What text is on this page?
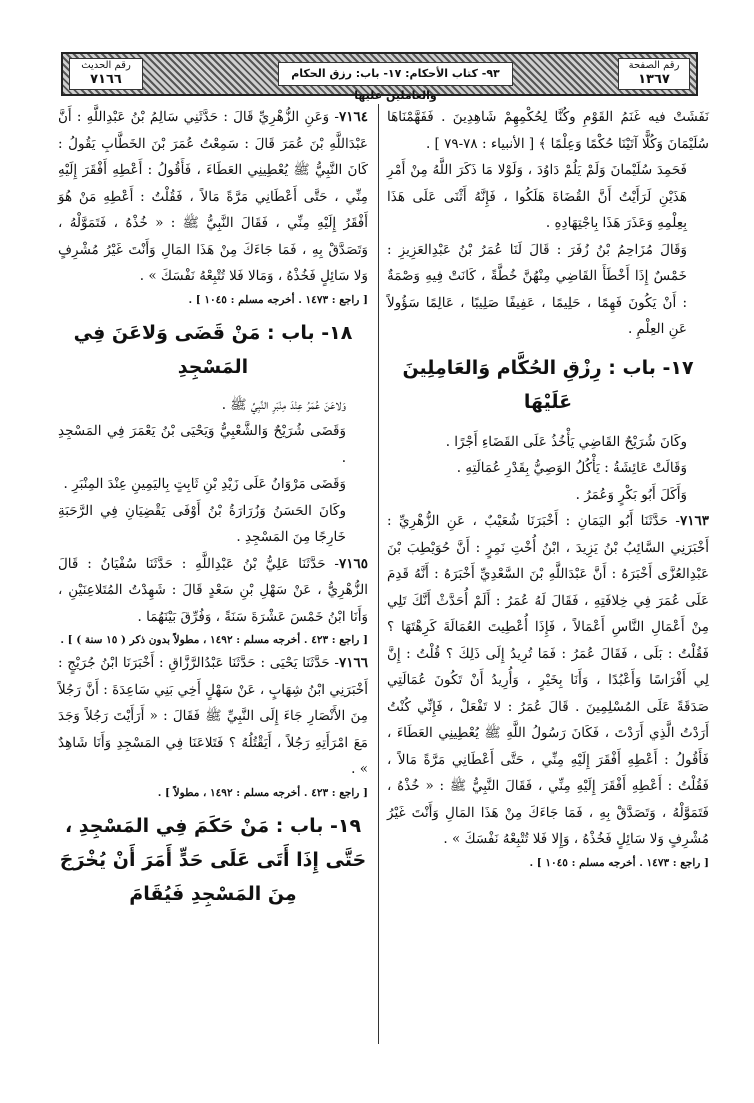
رقم الحديث
٧١٦٦	٩٣- كتاب الأحكام: ١٧- باب: رزق الحكام والعاملين عليها
رقم الصفحة
١٣٦٧

نَفَشَتْ فيه غَنَمُ القَوْمِ وكُنَّا لِحُكْمِهِمْ شَاهِدِينَ . فَفَهَّمْنَاهَا سُلَيْمَانَ وَكُلًّا آتَيْنَا حُكْمًا وَعِلْمًا ﴾ [ الأنبياء : ٧٨-٧٩ ] .

فَحَمِدَ سُلَيْمانَ وَلَمْ يَلُمْ دَاوُدَ ، وَلَوْلا مَا ذَكَرَ اللَّهُ مِنْ أَمْرِ هَذَيْنِ لَرَأَيْتُ أَنَّ القُضَاةَ هَلَكُوا ، فَإِنَّهُ أَثْنَى عَلَى هَذَا بِعِلْمِهِ وَعَذَرَ هَذَا بِاجْتِهَادِهِ .

وَقَالَ مُزَاحِمُ بْنُ زُفَرَ : قَالَ لَنَا عُمَرُ بْنُ عَبْدِالعَزِيزِ : خَمْسٌ إِذَا أَخْطَأَ القَاضِي مِنْهُنَّ خُطَّةً ، كَانَتْ فِيهِ وَصْمَةٌ : أَنْ يَكُونَ فَهِمًا ، حَلِيمًا ، عَفِيفًا صَلِيبًا ، عَالِمًا سَؤُولاً عَنِ العِلْمِ .

١٧- باب : رِزْقِ الحُكَّام وَالعَامِلِينَ عَلَيْهَا

وكَانَ شُرَيْحٌ القَاضِي يَأْخُذُ عَلَى القَضَاءِ أَجْرًا .

وَقَالَتْ عَائِشَةُ : يَأْكُلُ الوَصِيُّ بِقَدْرِ عُمَالَتِهِ .

وَأَكَلَ أَبُو بَكْرٍ وَعُمَرُ .

٧١٦٣- حَدَّثَنَا أَبُو اليَمَانِ : أَخْبَرَنَا شُعَيْبٌ ، عَنِ الزُّهْرِيِّ : أَخْبَرَنِي السَّائِبُ بْنُ يَزِيدَ ، ابْنُ أُخْتِ نَمِرٍ : أَنَّ حُوَيْطِبَ بْنَ عَبْدِالعُزَّى أَخْبَرَهُ : أَنَّ عَبْدَاللَّهِ بْنَ السَّعْدِيِّ أَخْبَرَهُ : أَنَّهُ قَدِمَ عَلَى عُمَرَ فِي خِلافَتِهِ ، فَقَالَ لَهُ عُمَرُ : أَلَمْ أُحَدَّثْ أَنَّكَ تَلِي مِنْ أَعْمَالِ النَّاسِ أَعْمَالاً ، فَإِذَا أُعْطِيتَ العُمَالَةَ كَرِهْتَهَا ؟ فَقُلْتُ : بَلَى ، فَقَالَ عُمَرُ : فَمَا تُرِيدُ إِلَى ذَلِكَ ؟ قُلْتُ : إِنَّ لِي أَفْرَاسًا وَأَعْبُدًا ، وَأَنَا بِخَيْرٍ ، وَأُرِيدُ أَنْ تَكُونَ عُمَالَتِي صَدَقَةً عَلَى المُسْلِمِينَ . قَالَ عُمَرُ : لا تَفْعَلْ ، فَإِنِّي كُنْتُ أَرَدْتُ الَّذِي أَرَدْتَ ، فَكَانَ رَسُولُ اللَّهِ ﷺ يُعْطِينِي العَطَاءَ ، فَأَقُولُ : أَعْطِهِ أَفْقَرَ إِلَيْهِ مِنِّي ، حَتَّى أَعْطَانِي مَرَّةً مَالاً ، فَقُلْتُ : أَعْطِهِ أَفْقَرَ إِلَيْهِ مِنِّي ، فَقَالَ النَّبِيُّ ﷺ : « خُذْهُ ، فَتَمَوَّلْهُ ، وَتَصَدَّقْ بِهِ ، فَمَا جَاءَكَ مِنْ هَذَا المَالِ وَأَنْتَ غَيْرُ مُشْرِفٍ وَلا سَائِلٍ فَخُذْهُ ، وَإِلا فَلا تُتْبِعْهُ نَفْسَكَ » .

[ راجع : ١٤٧٣ . أخرجه مسلم : ١٠٤٥ ] .

٧١٦٤- وَعَنِ الزُّهْرِيِّ قَالَ : حَدَّثَنِي سَالِمُ بْنُ عَبْدِاللَّهِ : أَنَّ عَبْدَاللَّهِ بْنَ عُمَرَ قَالَ : سَمِعْتُ عُمَرَ بْنَ الخَطَّابِ يَقُولُ : كَانَ النَّبِيُّ ﷺ يُعْطِينِي العَطَاءَ ، فَأَقُولُ : أَعْطِهِ أَفْقَرَ إِلَيْهِ مِنِّي ، حَتَّى أَعْطَانِي مَرَّةً مَالاً ، فَقُلْتُ : أَعْطِهِ مَنْ هُوَ أَفْقَرُ إِلَيْهِ مِنِّي ، فَقَالَ النَّبِيُّ ﷺ : « خُذْهُ ، فَتَمَوَّلْهُ ، وَتَصَدَّقْ بِهِ ، فَمَا جَاءَكَ مِنْ هَذَا المَالِ وَأَنْتَ غَيْرُ مُشْرِفٍ وَلا سَائِلٍ فَخُذْهُ ، وَمَالا فَلا تُتْبِعْهُ نَفْسَكَ » .

[ راجع : ١٤٧٣ . أخرجه مسلم : ١٠٤٥ ] .

١٨- باب : مَنْ قَضَى وَلاعَنَ فِي المَسْجِدِ

وَلاعَنَ عُمَرُ عِنْدَ مِنْبَرِ النَّبِيِّ ﷺ .

وَقَضَى شُرَيْحٌ وَالشَّعْبِيُّ وَيَحْيَى بْنُ يَعْمَرَ فِي المَسْجِدِ .

وَقَضَى مَرْوَانُ عَلَى زَيْدِ بْنِ ثَابِتٍ بِاليَمِينِ عِنْدَ المِنْبَرِ .

وكَانَ الحَسَنُ وَزُرَارَةُ بْنُ أَوْفَى يَقْضِيَانِ فِي الرَّحَبَةِ خَارِجًا مِنَ المَسْجِدِ .

٧١٦٥- حَدَّثَنَا عَلِيُّ بْنُ عَبْدِاللَّهِ : حَدَّثَنَا سُفْيَانُ : قَالَ الزُّهْرِيُّ ، عَنْ سَهْلِ بْنِ سَعْدٍ قَالَ : شَهِدْتُ المُتَلاعِنَيْنِ ، وَأَنَا ابْنُ خَمْسَ عَشْرَةَ سَنَةً ، وَفُرِّقَ بَيْنَهُمَا .

[ راجع : ٤٢٣ . أخرجه مسلم : ١٤٩٢ ، مطولاً بدون ذكر ( ١٥ سنة ) ] .

٧١٦٦- حَدَّثَنَا يَحْيَى : حَدَّثَنَا عَبْدُالرَّزَّاقِ : أَخْبَرَنَا ابْنُ جُرَيْجٍ : أَخْبَرَنِي ابْنُ شِهَابٍ ، عَنْ سَهْلٍ أَخِي بَنِي سَاعِدَةَ : أَنَّ رَجُلاً مِنَ الأَنْصَارِ جَاءَ إِلَى النَّبِيِّ ﷺ فَقَالَ : « أَرَأَيْتَ رَجُلاً وَجَدَ مَعَ امْرَأَتِهِ رَجُلاً ، أَيَقْتُلُهُ ؟ فَتَلاعَنَا فِي المَسْجِدِ وَأَنَا شَاهِدٌ » .

[ راجع : ٤٢٣ . أخرجه مسلم : ١٤٩٢ ، مطولاً ] .

١٩- باب : مَنْ حَكَمَ فِي المَسْجِدِ ، حَتَّى إِذَا أَتَى عَلَى حَدٍّ أَمَرَ أَنْ يُخْرَجَ مِنَ المَسْجِدِ فَيُقَامَ
